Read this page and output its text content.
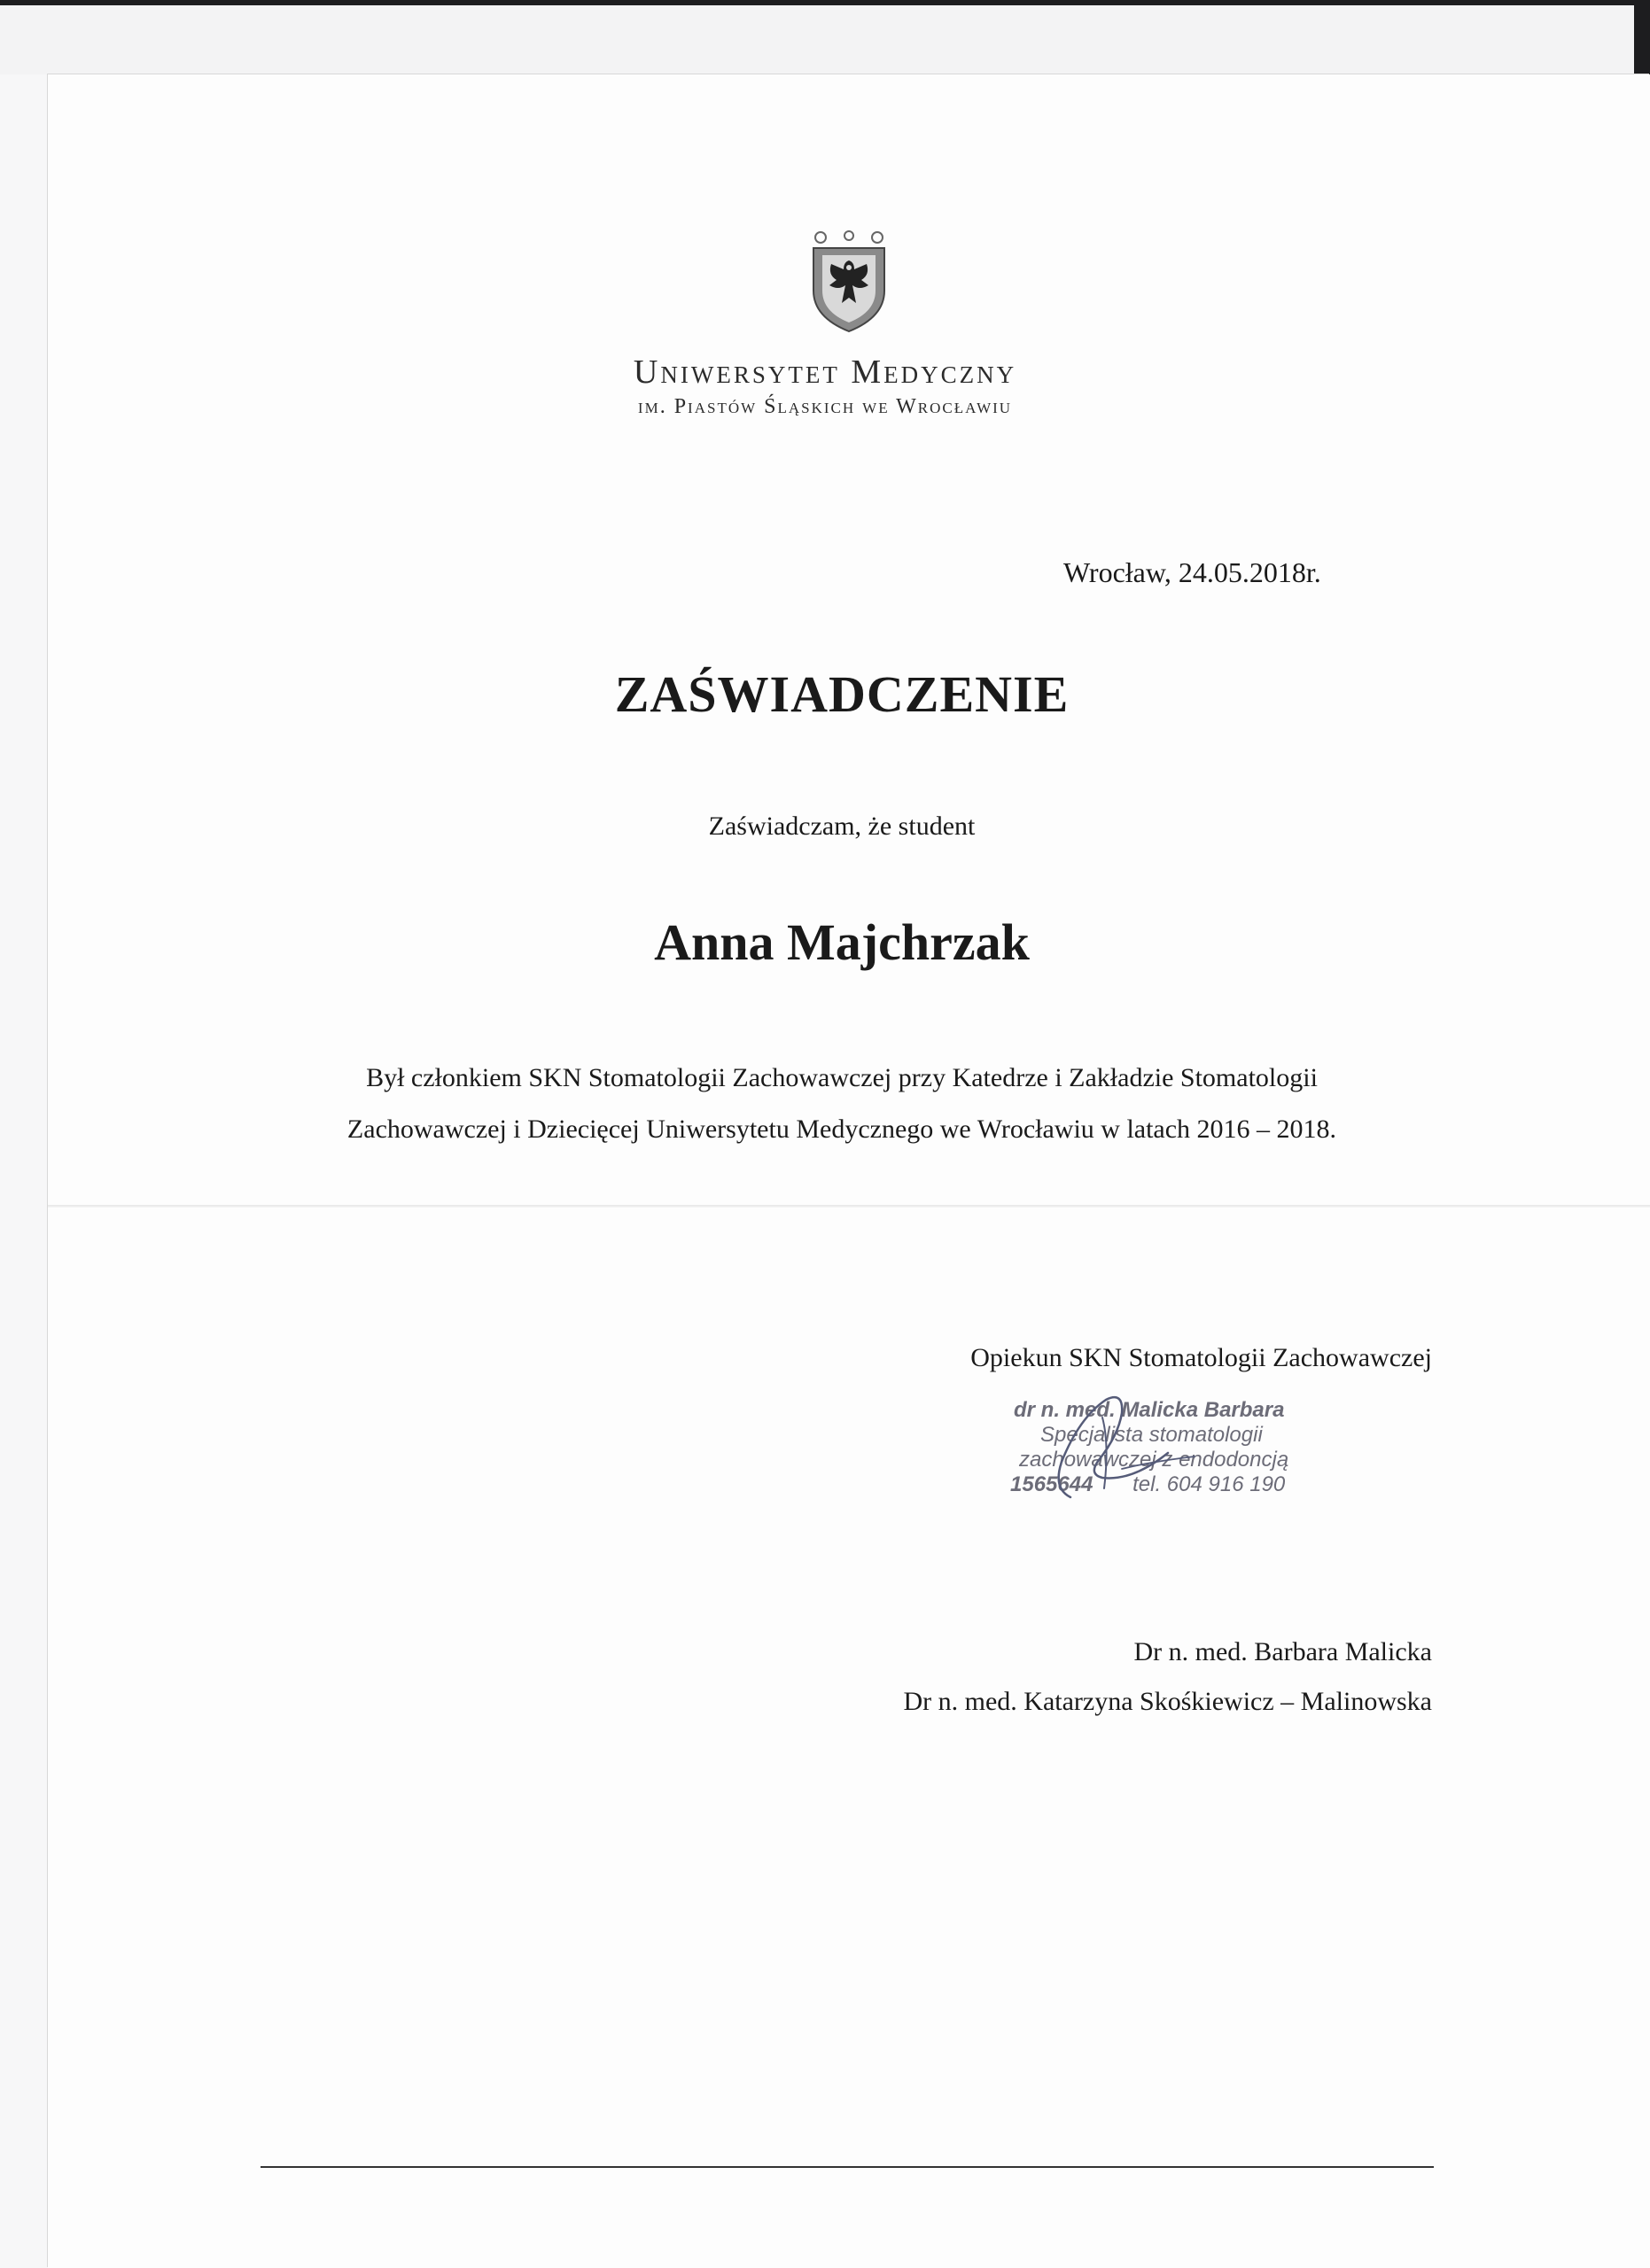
Uniwersytet Medyczny
im. Piastów Śląskich we Wrocławiu
Wrocław, 24.05.2018r.
ZAŚWIADCZENIE
Zaświadczam, że student
Anna Majchrzak
Był członkiem SKN Stomatologii Zachowawczej przy Katedrze i Zakładzie Stomatologii
Zachowawczej i Dziecięcej Uniwersytetu Medycznego we Wrocławiu w latach 2016 – 2018.
Opiekun SKN Stomatologii Zachowawczej
dr n. med. Malicka Barbara
Specjalista stomatologii
zachowawczej z endodoncją
1565644 tel. 604 916 190
Dr n. med. Barbara Malicka
Dr n. med. Katarzyna Skośkiewicz – Malinowska
